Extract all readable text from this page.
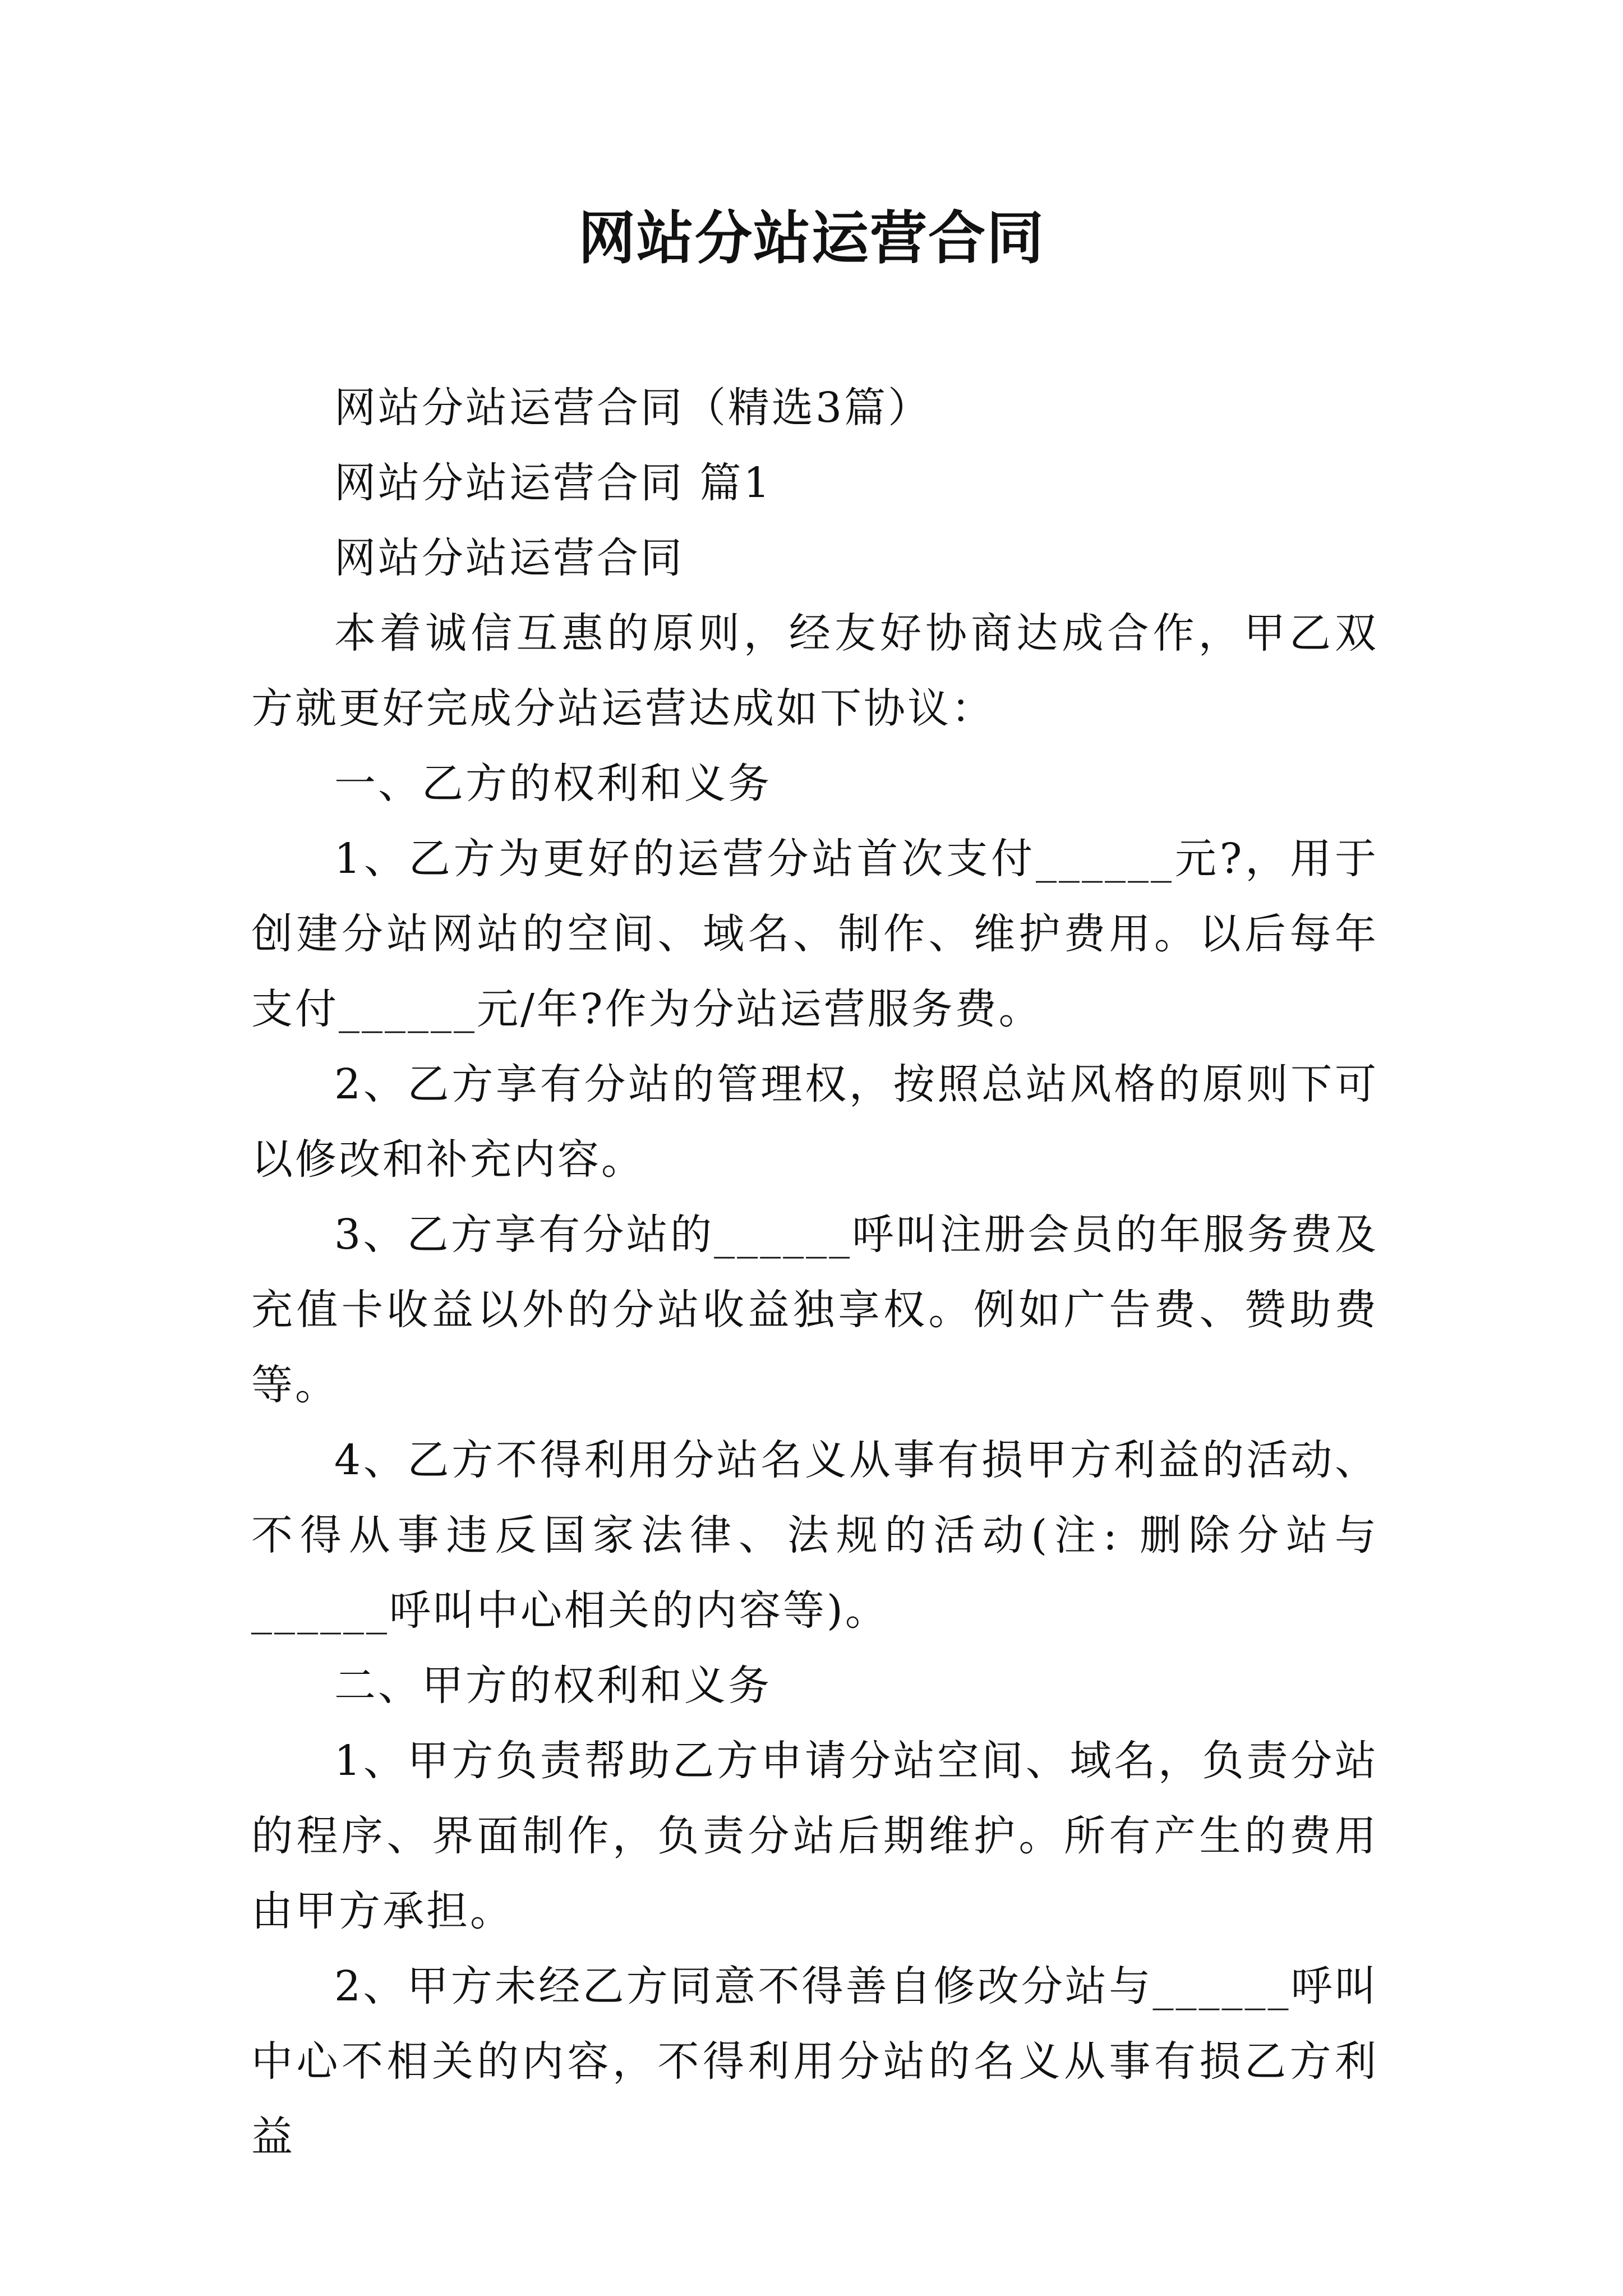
网站分站运营合同

网站分站运营合同（精选3篇）

网站分站运营合同 篇1

网站分站运营合同

本着诚信互惠的原则，经友好协商达成合作，甲乙双方就更好完成分站运营达成如下协议：

一、乙方的权利和义务

1、乙方为更好的运营分站首次支付______元?，用于创建分站网站的空间、域名、制作、维护费用。以后每年支付______元/年?作为分站运营服务费。

2、乙方享有分站的管理权，按照总站风格的原则下可以修改和补充内容。

3、乙方享有分站的______呼叫注册会员的年服务费及充值卡收益以外的分站收益独享权。例如广告费、赞助费等。

4、乙方不得利用分站名义从事有损甲方利益的活动、不得从事违反国家法律、法规的活动(注: 删除分站与______呼叫中心相关的内容等)。

二、甲方的权利和义务

1、甲方负责帮助乙方申请分站空间、域名，负责分站的程序、界面制作，负责分站后期维护。所有产生的费用由甲方承担。

2、甲方未经乙方同意不得善自修改分站与______呼叫中心不相关的内容，不得利用分站的名义从事有损乙方利益
